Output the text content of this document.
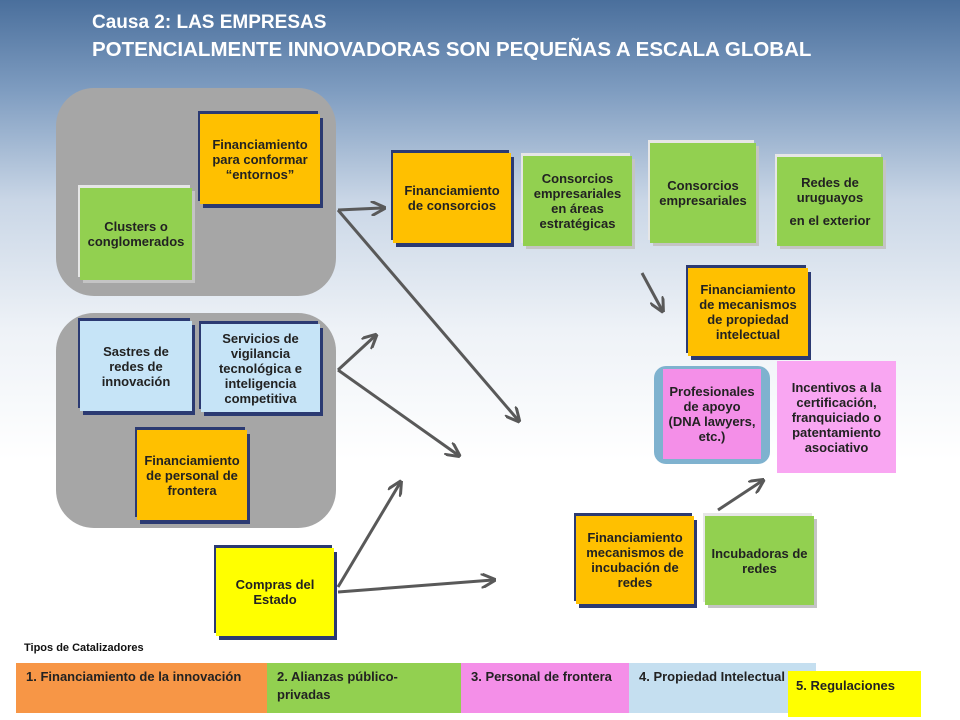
Causa 2: LAS EMPRESAS
POTENCIALMENTE INNOVADORAS SON PEQUEÑAS A ESCALA GLOBAL
Financiamiento para conformar “entornos”
Clusters o conglomerados
Sastres de redes de innovación
Servicios de vigilancia tecnológica e inteligencia competitiva
Financiamiento de personal de frontera
Compras del Estado
Financiamiento de consorcios
Consorcios empresariales en áreas estratégicas
Consorcios empresariales
Redes de uruguayos
en el exterior
Financiamiento de mecanismos de propiedad intelectual
Profesionales de apoyo (DNA lawyers, etc.)
Incentivos a la certificación, franquiciado o patentamiento asociativo
Financiamiento mecanismos de incubación de redes
Incubadoras de redes
Tipos de Catalizadores
1. Financiamiento de la innovación	2. Alianzas público-privadas
3. Personal de frontera	4. Propiedad Intelectual
5. Regulaciones
